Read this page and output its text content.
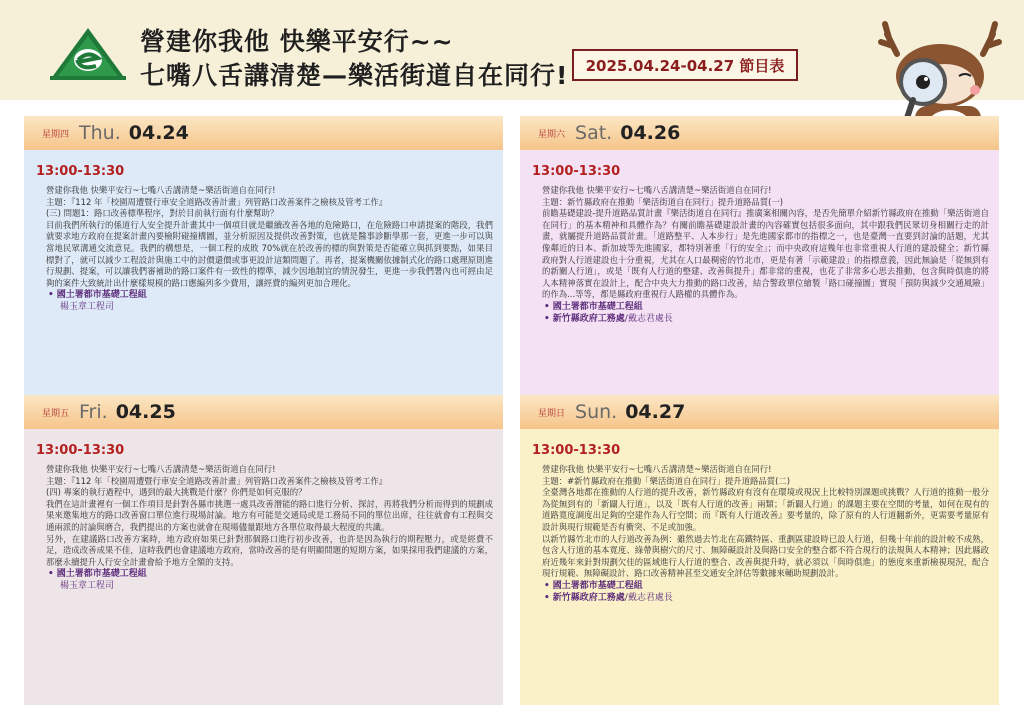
營建你我他 快樂平安行~~
七嘴八舌講清楚—樂活街道自在同行!	2025.04.24-04.27 節目表
星期四 Thu. 04.24
13:00-13:30
營建你我他 快樂平安行~七嘴八舌講清楚~樂活街道自在同行!
主題：『112 年「校園周遭暨行車安全道路改善計畫」列管路口改善案件之檢核及管考工作』
(三) 問題1：路口改善標準程序，對於目前執行面有什麼幫助？
目前我們所執行的係道行人安全提升計畫其中一個項目就是繼續改善各地的危險路口，在危險路口申請提案的階段，我們就要求地方政府在提案計畫內要檢附碰撞構圖，並分析原因及提供改善對策，也就是醫事診斷學那一套，更進一步可以與當地民眾溝通交流意見。我們的構想是，一個工程的成敗 70%就在於改善的標的與對策是否能確立與抓到要點，如果目標對了，就可以減少工程設計與施工中的討價還價或事更設計這類問題了。再者，提案機關依據制式化的路口處理原則進行規劃、提案，可以讓我們審補助的路口案件有一致性的標準，減少因地制宜的情況發生，更進一步我們署內也可經由足夠的案件大致統計出什麼樣規模的路口應編列多少費用，讓經費的編列更加合理化。
• 國土署都市基礎工程組
楊玉章工程司
星期六 Sat. 04.26
13:00-13:30
營建你我他 快樂平安行~七嘴八舌講清楚~樂活街道自在同行!
主題：新竹縣政府在推動「樂活街道自在同行」提升道路品質(一)
前瞻基礎建設-提升道路品質計畫『樂活街道自在同行』推廣案相關內容，是否先簡單介紹新竹縣政府在推動「樂活街道自在同行」的基本精神和具體作為？有關前瞻基礎建設計畫的內容確實包括很多面向，其中跟我們民眾切身相關行走的計畫，就屬提升道路品質計畫。「道路整平、人本步行」是先進國家都市的指標之一，也是臺灣一直要到討論的話題，尤其像鄰近的日本、新加坡等先進國家，都特別著重「行的安全」；而中央政府這幾年也非常重視人行道的建設健全；新竹縣政府對人行道建設也十分重視，尤其在人口最稠密的竹北市，更是有著「示範建設」的指標意義，因此無論是「從無到有的新關人行道」，或是「既有人行道的整建、改善與提升」都非常的重視，也花了非常多心思去推動，包含與時俱進的將人本精神落實在設計上，配合中央大力推動的路口改善，結合警政單位繪製「路口碰撞圖」實現「預防與減少交通風險」的作為...等等，都是縣政府重視行人路權的具體作為。
• 國土署都市基礎工程組
• 新竹縣政府工務處/戴志君處長
星期五 Fri. 04.25
13:00-13:30
營建你我他 快樂平安行~七嘴八舌講清楚~樂活街道自在同行!
主題：『112 年「校園周遭暨行車安全道路改善計畫」列管路口改善案件之檢核及管考工作』
(四) 專案的執行過程中，遇到的最大挑戰是什麼？你們是如何克服的？
我們在這計畫裡有一個工作項目是針對各縣市挑選一處具改善潛能的路口進行分析、探討，再將我們分析而得到的規劃成果來邀集地方的路口改善窗口單位進行現場討論。地方有可能是交通局或是工務局不同的單位出席，往往就會有工程與交通兩派的討論與磨合，我們提出的方案也就會在現場儘量跟地方各單位取得最大程度的共識。
另外，在建議路口改善方案時，地方政府如果已針對那個路口進行初步改善，也許是因為執行的期程壓力，或是經費不足，造成改善成果不佳，這時我們也會建議地方政府，當時改善的是有明顯問題的短期方案，如果採用我們建議的方案，那麼永續提升人行安全計畫會給予地方全額的支持。
• 國土署都市基礎工程組
楊玉章工程司
星期日 Sun. 04.27
13:00-13:30
營建你我他 快樂平安行~七嘴八舌講清楚~樂活街道自在同行!
主題：#新竹縣政府在推動「樂活街道自在同行」提升道路品質(二)
全臺灣各地都在推動的人行道的提升改善，新竹縣政府有沒有在環境或現況上比較特別課題或挑戰？人行道的推動一般分為從無到有的「新闢人行道」，以及「既有人行道的改善」兩類；「新闢人行道」的課題主要在空間的考量，如何在現有的道路寬度調度出足夠的空建作為人行空間；而『既有人行道改善』要考量的，除了原有的人行道翻新外，更需要考量原有設計與現行規範是否有衝突、不足或加強。
以新竹縣竹北市的人行道改善為例：雖然過去竹北在高鐵特區、重劃區建設時已設人行道，但幾十年前的設計較不成熟，包含人行道的基本寬度、綠帶與樹穴的尺寸、無障礙設計及與路口安全的整合都不符合現行的法規與人本精神；因此縣政府近幾年來針對規劃欠佳的區域進行人行道的整合、改善與提升時，就必須以「與時俱進」的態度來重新檢視現況，配合現行規範、無障礙設計、路口改善精神甚至交通安全評估等數據來輔助規劃設計。
• 國土署都市基礎工程組
• 新竹縣政府工務處/戴志君處長
